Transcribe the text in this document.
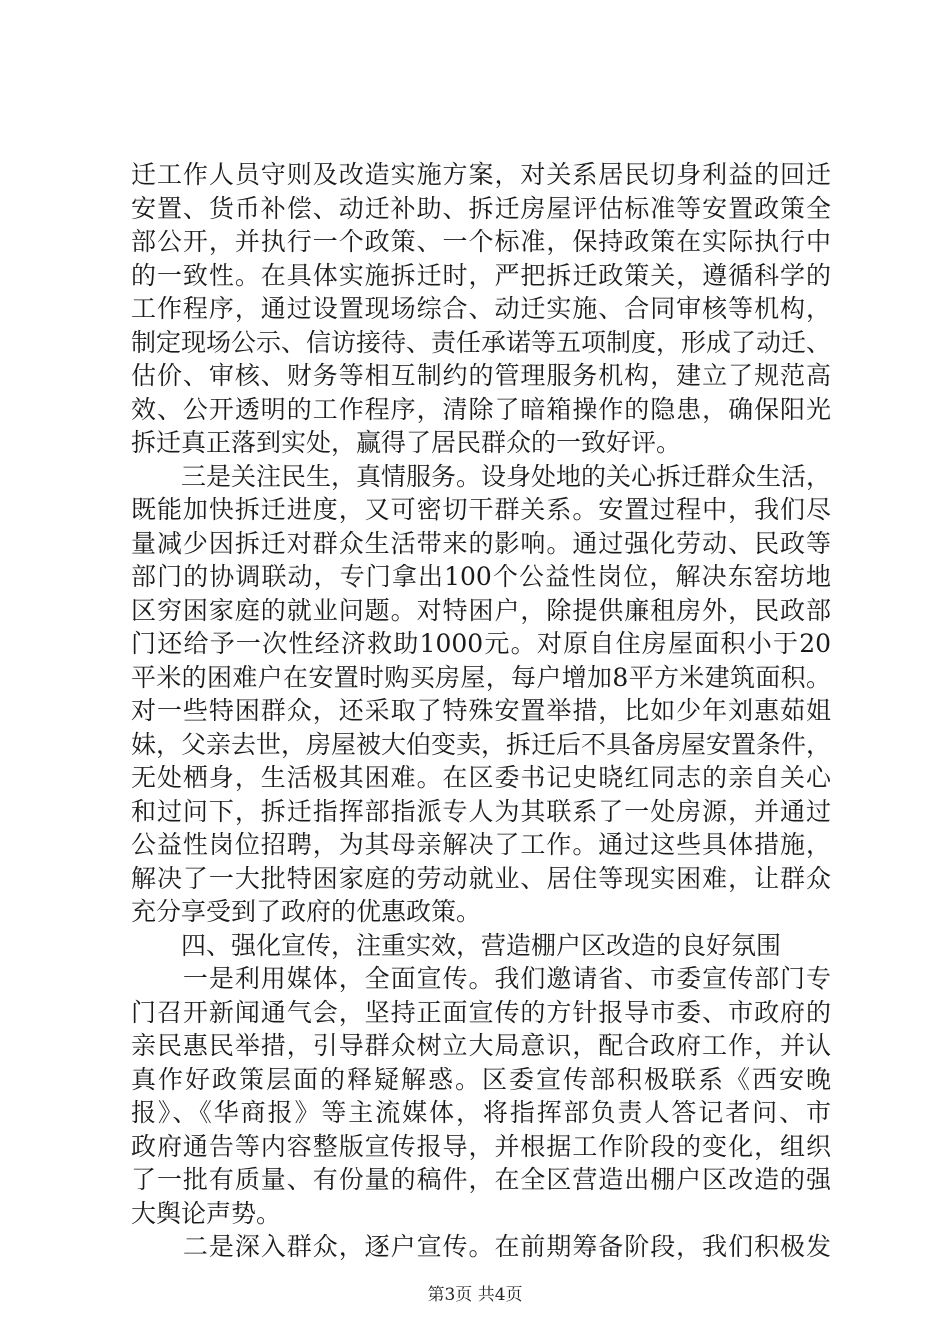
迁工作人员守则及改造实施方案，对关系居民切身利益的回迁
安置、货币补偿、动迁补助、拆迁房屋评估标准等安置政策全
部公开，并执行一个政策、一个标准，保持政策在实际执行中
的一致性。在具体实施拆迁时，严把拆迁政策关，遵循科学的
工作程序，通过设置现场综合、动迁实施、合同审核等机构，
制定现场公示、信访接待、责任承诺等五项制度，形成了动迁、
估价、审核、财务等相互制约的管理服务机构，建立了规范高
效、公开透明的工作程序，清除了暗箱操作的隐患，确保阳光
拆迁真正落到实处，赢得了居民群众的一致好评。
　　三是关注民生，真情服务。设身处地的关心拆迁群众生活，
既能加快拆迁进度，又可密切干群关系。安置过程中，我们尽
量减少因拆迁对群众生活带来的影响。通过强化劳动、民政等
部门的协调联动，专门拿出100个公益性岗位，解决东窑坊地
区穷困家庭的就业问题。对特困户，除提供廉租房外，民政部
门还给予一次性经济救助1000元。对原自住房屋面积小于20
平米的困难户在安置时购买房屋，每户增加8平方米建筑面积。
对一些特困群众，还采取了特殊安置举措，比如少年刘惠茹姐
妹，父亲去世，房屋被大伯变卖，拆迁后不具备房屋安置条件，
无处栖身，生活极其困难。在区委书记史晓红同志的亲自关心
和过问下，拆迁指挥部指派专人为其联系了一处房源，并通过
公益性岗位招聘，为其母亲解决了工作。通过这些具体措施，
解决了一大批特困家庭的劳动就业、居住等现实困难，让群众
充分享受到了政府的优惠政策。
　　四、强化宣传，注重实效，营造棚户区改造的良好氛围
　　一是利用媒体，全面宣传。我们邀请省、市委宣传部门专
门召开新闻通气会，坚持正面宣传的方针报导市委、市政府的
亲民惠民举措，引导群众树立大局意识，配合政府工作，并认
真作好政策层面的释疑解惑。区委宣传部积极联系《西安晚
报》、《华商报》等主流媒体，将指挥部负责人答记者问、市
政府通告等内容整版宣传报导，并根据工作阶段的变化，组织
了一批有质量、有份量的稿件，在全区营造出棚户区改造的强
大舆论声势。
　　二是深入群众，逐户宣传。在前期筹备阶段，我们积极发
第3页 共4页
